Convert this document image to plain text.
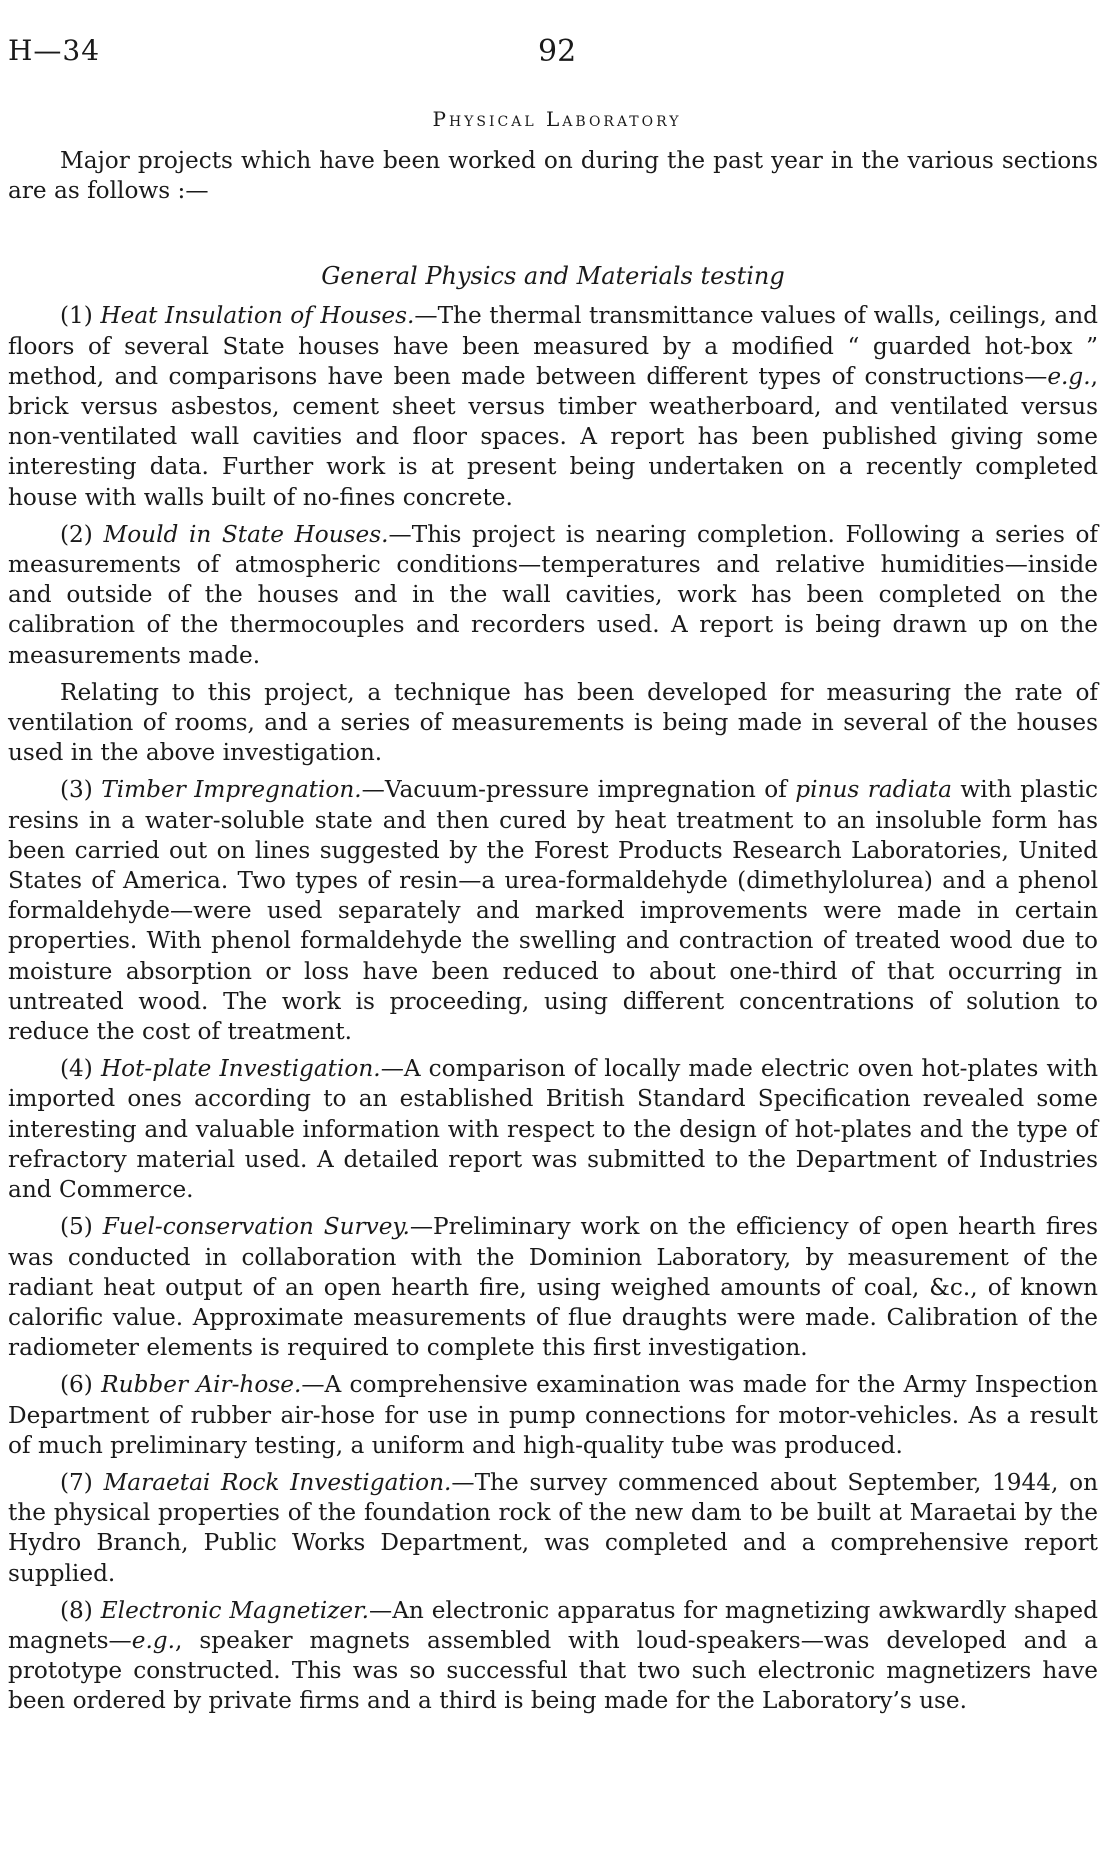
H—34	92
Physical Laboratory

Major projects which have been worked on during the past year in the various sections are as follows :—

General Physics and Materials testing

(1) Heat Insulation of Houses.—The thermal transmittance values of walls, ceilings, and floors of several State houses have been measured by a modified “ guarded hot-box ” method, and comparisons have been made between different types of constructions—e.g., brick versus asbestos, cement sheet versus timber weatherboard, and ventilated versus non-ventilated wall cavities and floor spaces. A report has been published giving some interesting data. Further work is at present being undertaken on a recently completed house with walls built of no-fines concrete.

(2) Mould in State Houses.—This project is nearing completion. Following a series of measurements of atmospheric conditions—temperatures and relative humidities—inside and outside of the houses and in the wall cavities, work has been completed on the calibration of the thermocouples and recorders used. A report is being drawn up on the measurements made.

Relating to this project, a technique has been developed for measuring the rate of ventilation of rooms, and a series of measurements is being made in several of the houses used in the above investigation.

(3) Timber Impregnation.—Vacuum-pressure impregnation of pinus radiata with plastic resins in a water-soluble state and then cured by heat treatment to an insoluble form has been carried out on lines suggested by the Forest Products Research Laboratories, United States of America. Two types of resin—a urea-formaldehyde (dimethylolurea) and a phenol formaldehyde—were used separately and marked improvements were made in certain properties. With phenol formaldehyde the swelling and contraction of treated wood due to moisture absorption or loss have been reduced to about one-third of that occurring in untreated wood. The work is proceeding, using different concentrations of solution to reduce the cost of treatment.

(4) Hot-plate Investigation.—A comparison of locally made electric oven hot-plates with imported ones according to an established British Standard Specification revealed some interesting and valuable information with respect to the design of hot-plates and the type of refractory material used. A detailed report was submitted to the Department of Industries and Commerce.

(5) Fuel-conservation Survey.—Preliminary work on the efficiency of open hearth fires was conducted in collaboration with the Dominion Laboratory, by measurement of the radiant heat output of an open hearth fire, using weighed amounts of coal, &c., of known calorific value. Approximate measurements of flue draughts were made. Calibration of the radiometer elements is required to complete this first investigation.

(6) Rubber Air-hose.—A comprehensive examination was made for the Army Inspection Department of rubber air-hose for use in pump connections for motor-vehicles. As a result of much preliminary testing, a uniform and high-quality tube was produced.

(7) Maraetai Rock Investigation.—The survey commenced about September, 1944, on the physical properties of the foundation rock of the new dam to be built at Maraetai by the Hydro Branch, Public Works Department, was completed and a comprehensive report supplied.

(8) Electronic Magnetizer.—An electronic apparatus for magnetizing awkwardly shaped magnets—e.g., speaker magnets assembled with loud-speakers—was developed and a prototype constructed. This was so successful that two such electronic magnetizers have been ordered by private firms and a third is being made for the Laboratory’s use.
